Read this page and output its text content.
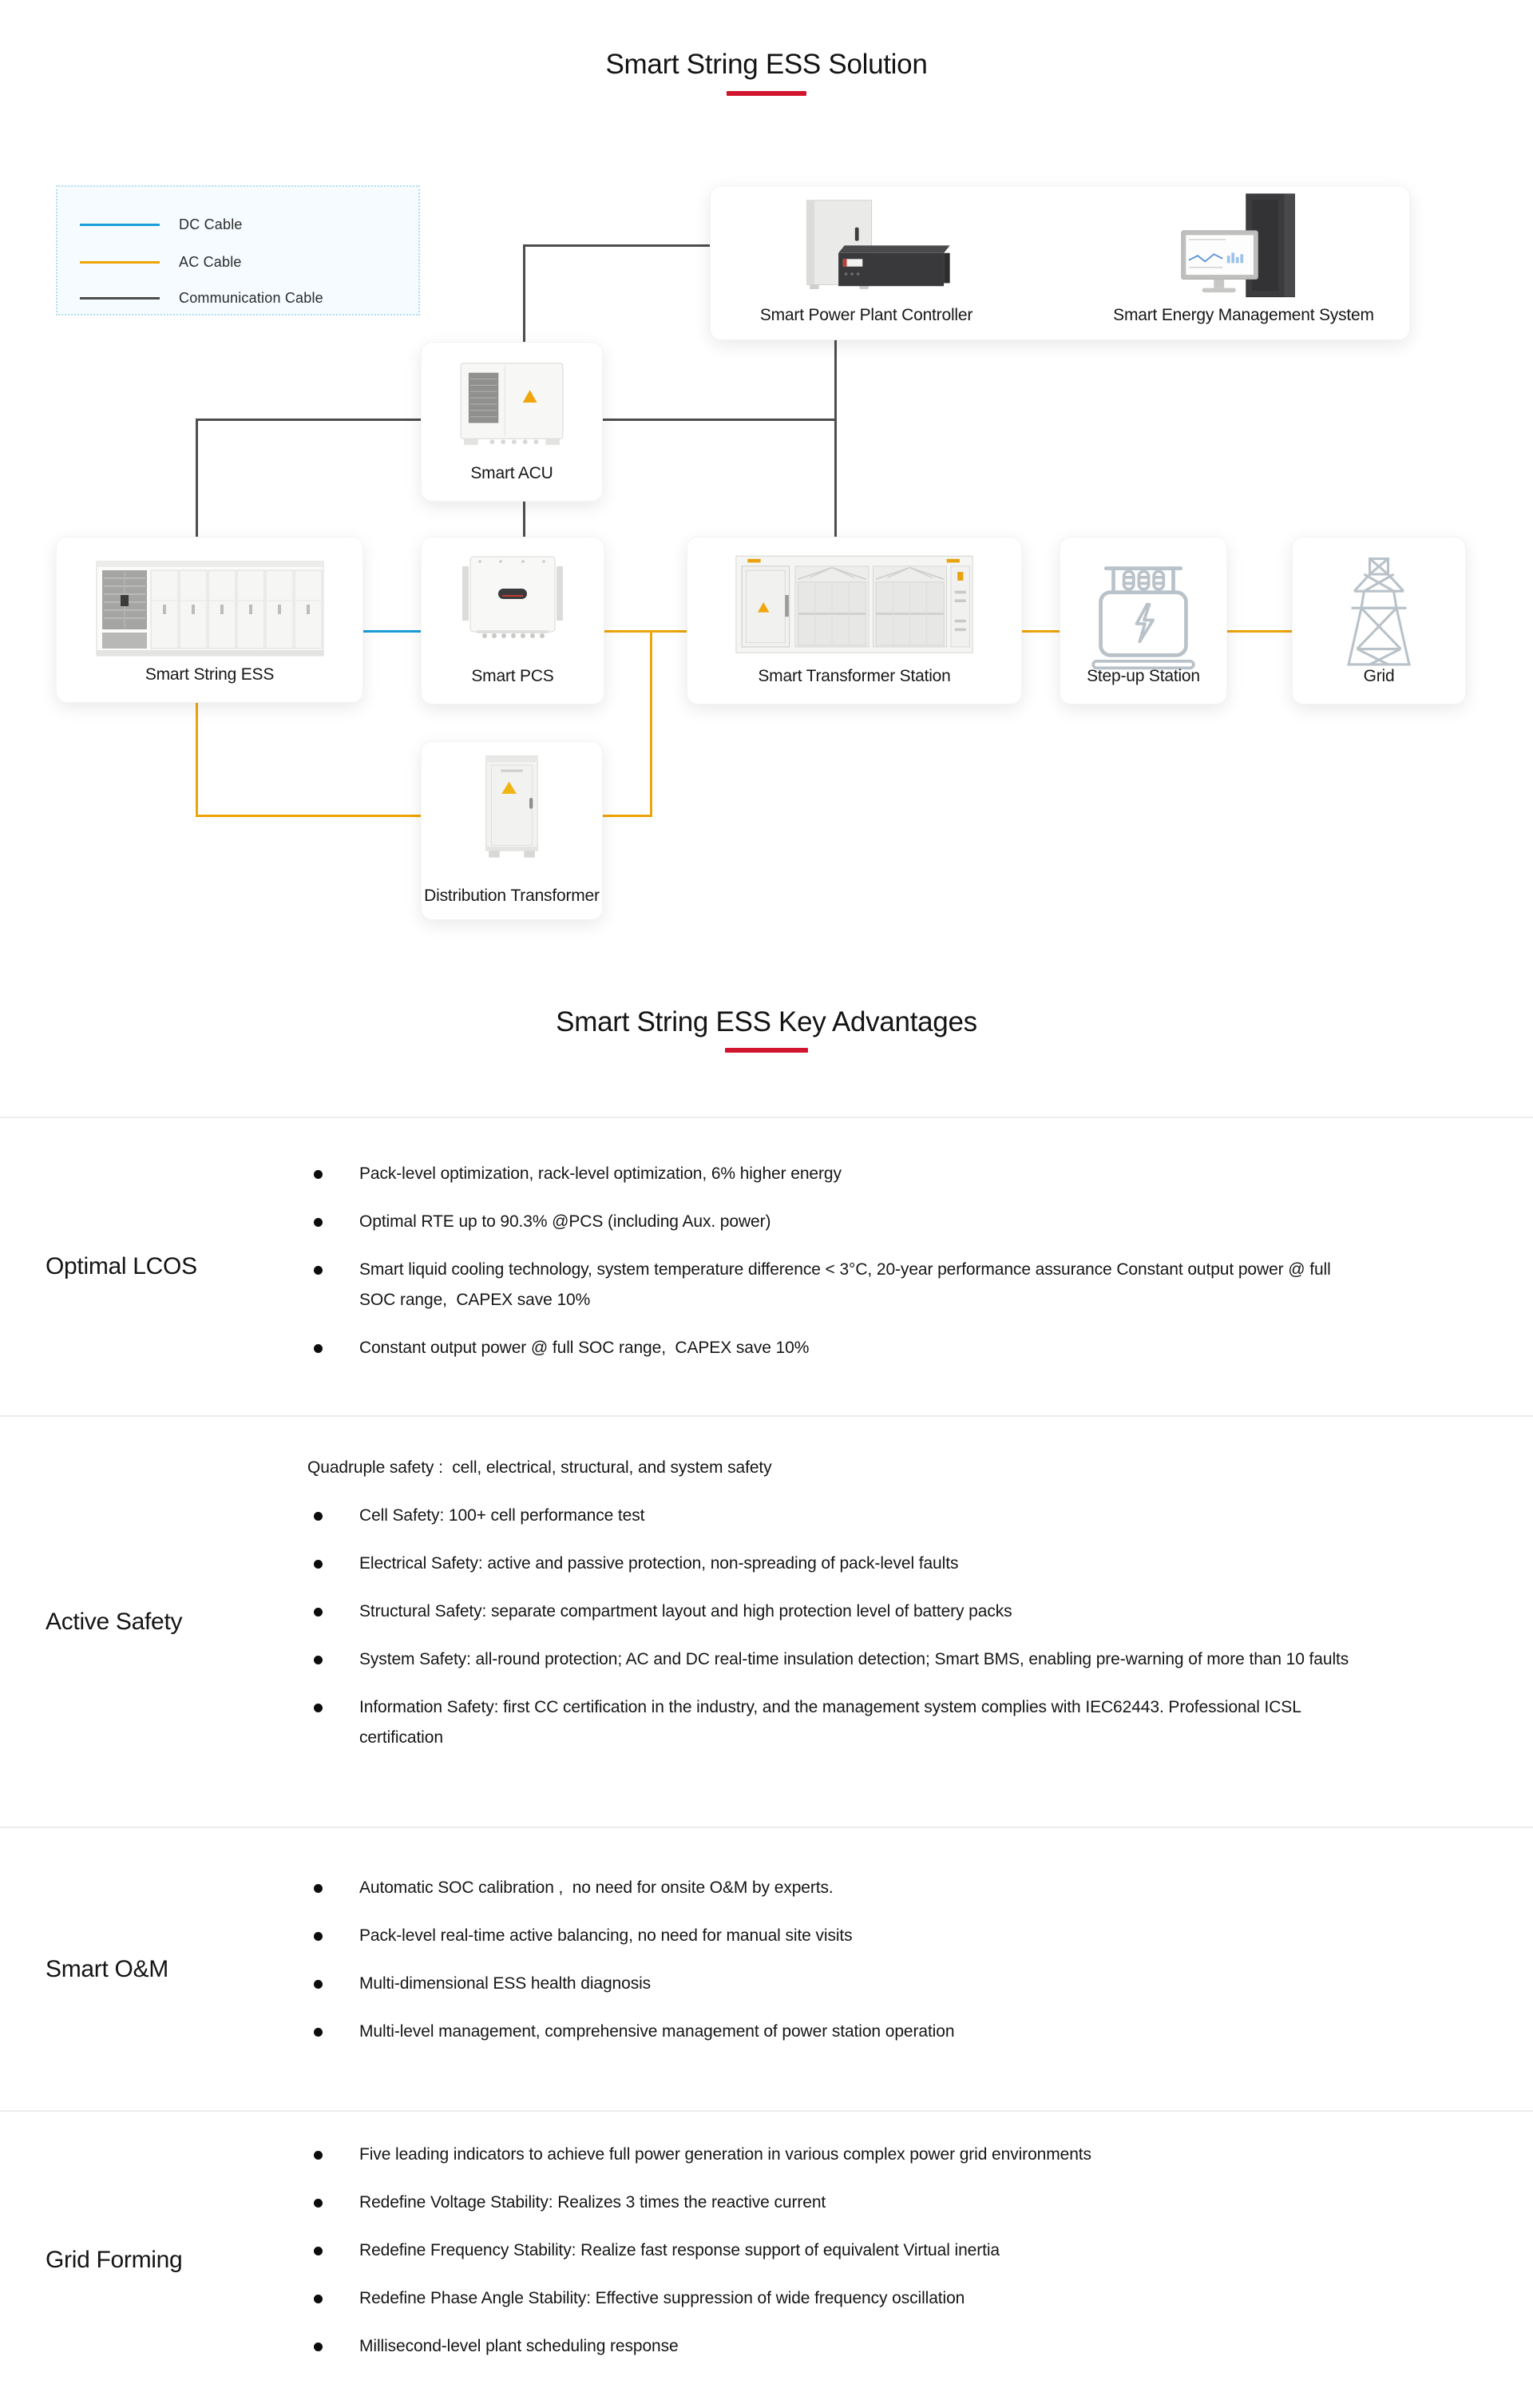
Smart String ESS Solution
DC Cable
AC Cable
Communication Cable
Smart Power Plant Controller	Smart Energy Management System
Smart ACU
Smart String ESS	Smart PCS	Smart Transformer Station	Step-up Station	Grid
Distribution Transformer
Smart String ESS Key Advantages
Optimal LCOS
Pack-level optimization, rack-level optimization, 6% higher energy
Optimal RTE up to 90.3% @PCS (including Aux. power)
Smart liquid cooling technology, system temperature difference < 3°C, 20-year performance assurance Constant output power @ full SOC range,  CAPEX save 10%
Constant output power @ full SOC range,  CAPEX save 10%
Active Safety
Quadruple safety :  cell, electrical, structural, and system safety
Cell Safety: 100+ cell performance test
Electrical Safety: active and passive protection, non-spreading of pack-level faults
Structural Safety: separate compartment layout and high protection level of battery packs
System Safety: all-round protection; AC and DC real-time insulation detection; Smart BMS, enabling pre-warning of more than 10 faults
Information Safety: first CC certification in the industry, and the management system complies with IEC62443. Professional ICSL certification
Smart O&M
Automatic SOC calibration ,  no need for onsite O&M by experts.
Pack-level real-time active balancing, no need for manual site visits
Multi-dimensional ESS health diagnosis
Multi-level management, comprehensive management of power station operation
Grid Forming
Five leading indicators to achieve full power generation in various complex power grid environments
Redefine Voltage Stability: Realizes 3 times the reactive current
Redefine Frequency Stability: Realize fast response support of equivalent Virtual inertia
Redefine Phase Angle Stability: Effective suppression of wide frequency oscillation
Millisecond-level plant scheduling response
